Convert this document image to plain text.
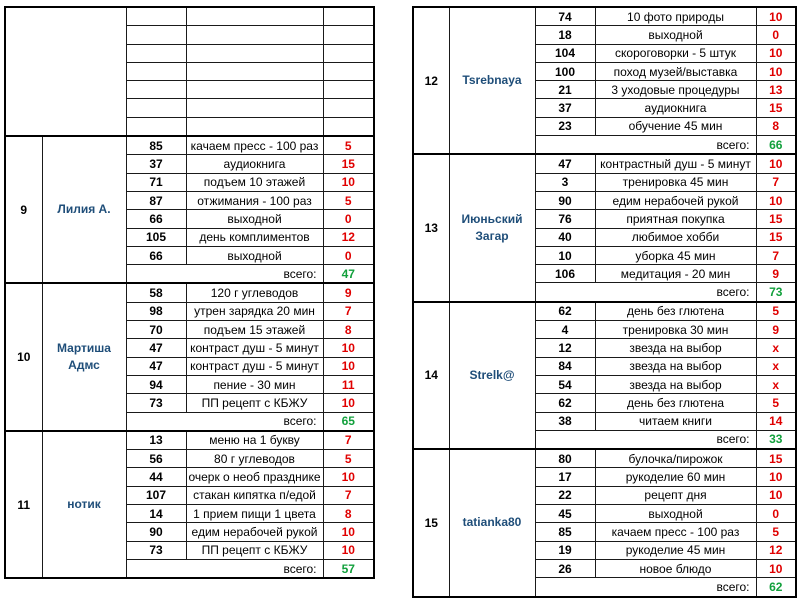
9	Лилия А.	85	качаем пресс - 100 раз	5
		37	аудиокнига	15
		71	подъем 10 этажей	10
		87	отжимания - 100 раз	5
		66	выходной	0
		105	день комплиментов	12
		66	выходной	0
		всего:		47
10	Мартиша Адмс	58	120 г углеводов	9
		98	утрен зарядка 20 мин	7
		70	подъем 15 этажей	8
		47	контраст душ - 5 минут	10
		47	контраст душ - 5 минут	10
		94	пение - 30 мин	11
		73	ПП рецепт с КБЖУ	10
		всего:		65
11	нотик	13	меню на 1 букву	7
		56	80 г углеводов	5
		44	очерк о необ празднике	10
		107	стакан кипятка п/едой	7
		14	1 прием пищи 1 цвета	8
		90	едим нерабочей рукой	10
		73	ПП рецепт с КБЖУ	10
		всего:		57
12	Tsrebnaya	74	10 фото природы	10
		18	выходной	0
		104	скороговорки - 5 штук	10
		100	поход музей/выставка	10
		21	3 уходовые процедуры	13
		37	аудиокнига	15
		23	обучение 45 мин	8
		всего:		66
13	Июньский Загар	47	контрастный душ - 5 минут	10
		3	тренировка 45 мин	7
		90	едим нерабочей рукой	10
		76	приятная покупка	15
		40	любимое хобби	15
		10	уборка 45 мин	7
		106	медитация - 20 мин	9
		всего:		73
14	Strelk@	62	день без глютена	5
		4	тренировка 30 мин	9
		12	звезда на выбор	x
		84	звезда на выбор	x
		54	звезда на выбор	x
		62	день без глютена	5
		38	читаем книги	14
		всего:		33
15	tatianka80	80	булочка/пирожок	15
		17	рукоделие 60 мин	10
		22	рецепт дня	10
		45	выходной	0
		85	качаем пресс - 100 раз	5
		19	рукоделие 45 мин	12
		26	новое блюдо	10
		всего:		62
